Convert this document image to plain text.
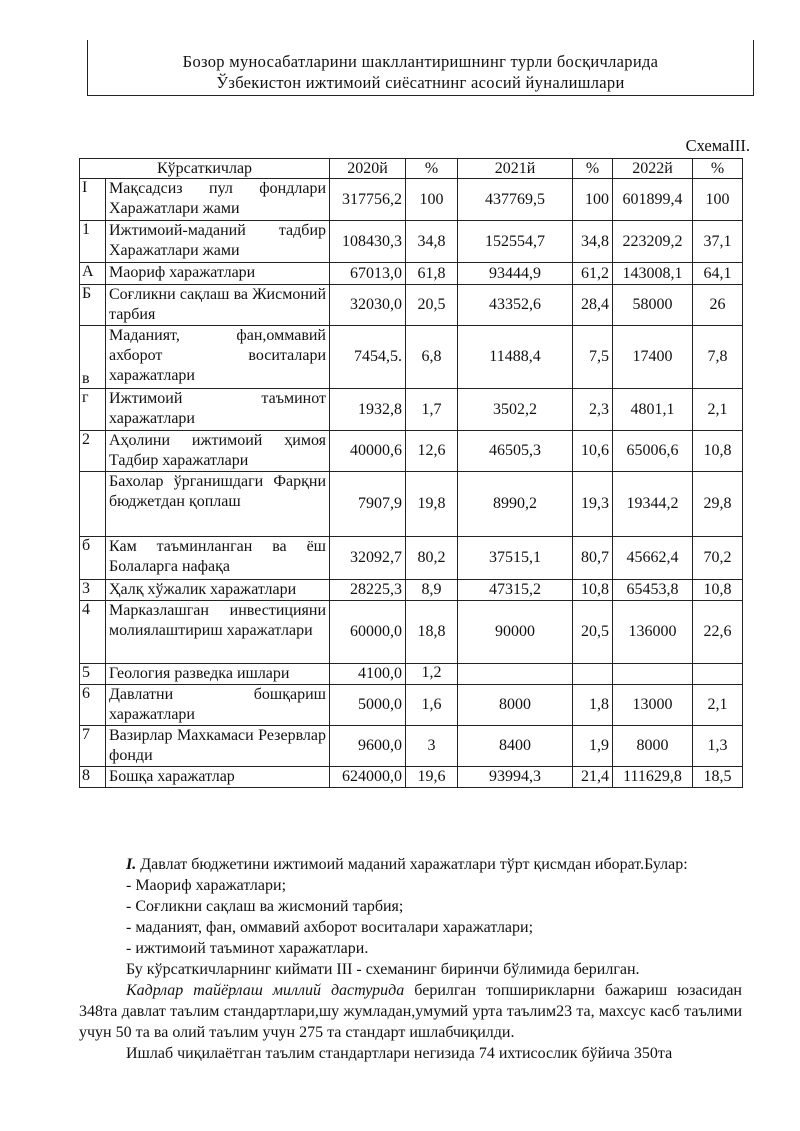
Бозор муносабатларини шакллантиришнинг турли босқичларида
Ўзбекистон ижтимоий сиёсатнинг асосий йуналишлари
СхемаIII.
Кўрсаткичлар		2020й	%	2021й	%	2022й	%
I	Мақсадсиз пул фондлари Харажатлари жами	317756,2	100	437769,5	100	601899,4	100
1	Ижтимоий-маданий тадбир Харажатлари жами	108430,3	34,8	152554,7	34,8	223209,2	37,1
А	Маориф харажатлари	67013,0	61,8	93444,9	61,2	143008,1	64,1
Б	Соғликни сақлаш ва Жисмоний тарбия	32030,0	20,5	43352,6	28,4	58000	26
в	Маданият, фан,оммавий ахборот воситалари харажатлари	7454,5.	6,8	11488,4	7,5	17400	7,8
г	Ижтимоий таъминот харажатлари	1932,8	1,7	3502,2	2,3	4801,1	2,1
2	Аҳолини ижтимоий ҳимоя Тадбир харажатлари	40000,6	12,6	46505,3	10,6	65006,6	10,8
	Бахолар ўрганишдаги Фарқни бюджетдан қоплаш	7907,9	19,8	8990,2	19,3	19344,2	29,8
б	Кам таъминланган ва ёш Болаларга нафақа	32092,7	80,2	37515,1	80,7	45662,4	70,2
3	Ҳалқ хўжалик харажатлари	28225,3	8,9	47315,2	10,8	65453,8	10,8
4	Марказлашган инвестицияни молиялаштириш харажатлари	60000,0	18,8	90000	20,5	136000	22,6
5	Геология разведка ишлари	4100,0	1,2				
6	Давлатни бошқариш харажатлари	5000,0	1,6	8000	1,8	13000	2,1
7	Вазирлар Махкамаси Резервлар фонди	9600,0	3	8400	1,9	8000	1,3
8	Бошқа харажатлар	624000,0	19,6	93994,3	21,4	111629,8	18,5

I. Давлат бюджетини ижтимоий маданий харажатлари тўрт қисмдан иборат.Булар:

- Маориф харажатлари;

- Соғликни сақлаш ва жисмоний тарбия;

- маданият, фан, оммавий ахборот воситалари харажатлари;

- ижтимоий таъминот харажатлари.

Бу кўрсаткичларнинг киймати III - схеманинг биринчи бўлимида берилган.

Кадрлар тайёрлаш миллий дастурида берилган топширикларни бажариш юзасидан 348та давлат таълим стандартлари,шу жумладан,умумий урта таълим23 та, махсус касб таълими учун 50 та ва олий таълим учун 275 та стандарт ишлабчиқилди.

Ишлаб чиқилаётган таълим стандартлари негизида 74 ихтисослик бўйича 350та
